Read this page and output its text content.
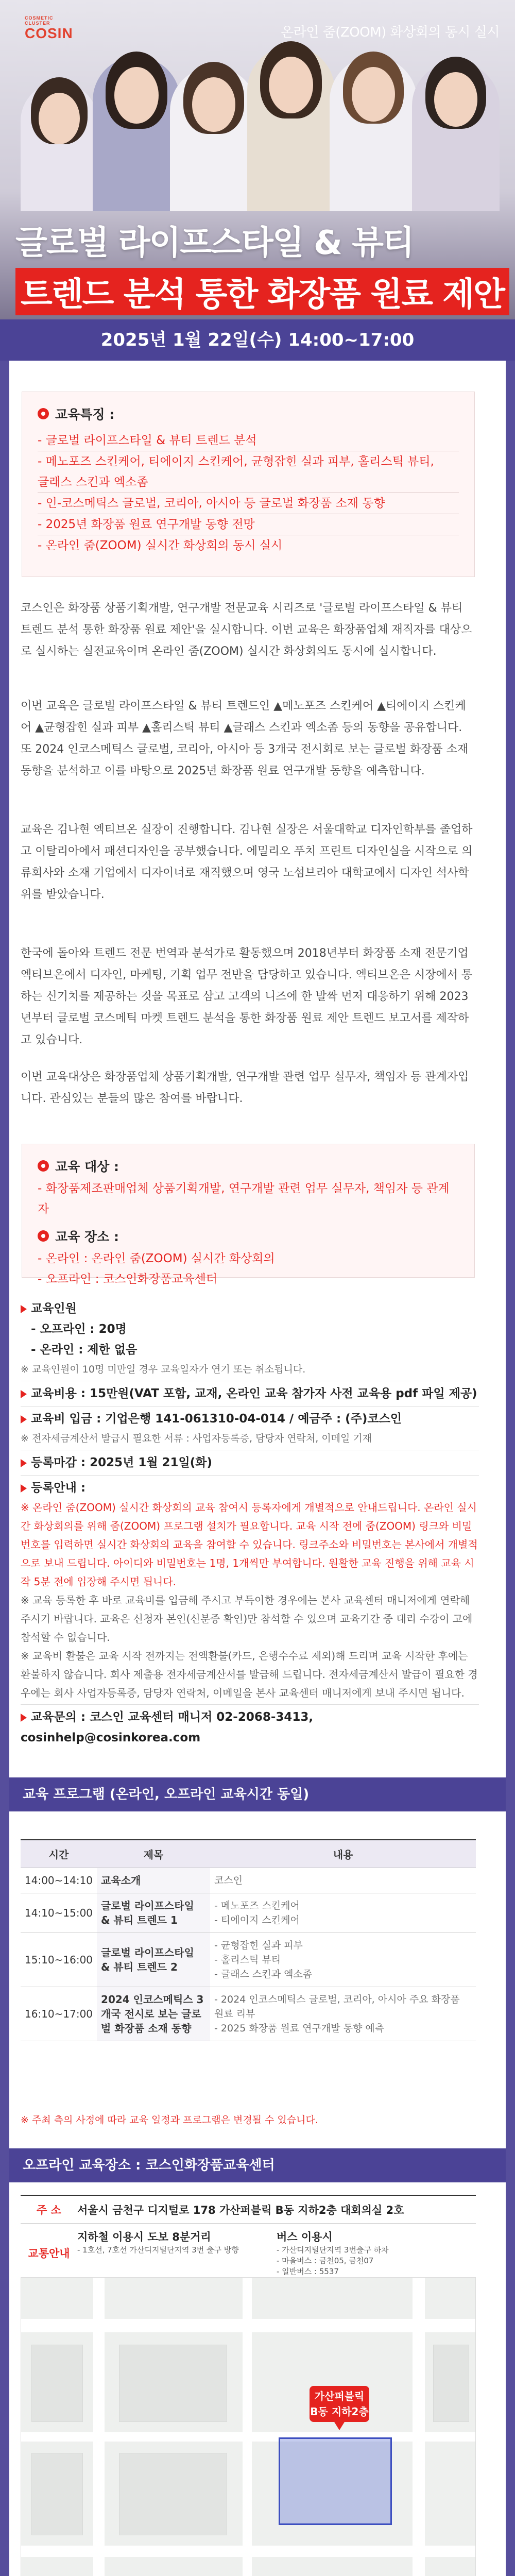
COSMETIC CLUSTER
COSIN	온라인 줌(ZOOM) 화상회의 동시 실시
글로벌 라이프스타일 & 뷰티
트렌드 분석 통한 화장품 원료 제안
2025년 1월 22일(수) 14:00~17:00
교육특징 :
- 글로벌 라이프스타일 & 뷰티 트렌드 분석
- 메노포즈 스킨케어, 티에이지 스킨케어, 균형잡힌 실과 피부, 홀리스틱 뷰티,
글래스 스킨과 엑소좀
- 인-코스메틱스 글로벌, 코리아, 아시아 등 글로벌 화장품 소재 동향
- 2025년 화장품 원료 연구개발 동향 전망
- 온라인 줌(ZOOM) 실시간 화상회의 동시 실시

코스인은 화장품 상품기획개발, 연구개발 전문교육 시리즈로 '글로벌 라이프스타일 & 뷰티 트렌드 분석 통한 화장품 원료 제안'을 실시합니다. 이번 교육은 화장품업체 재직자를 대상으로 실시하는 실전교육이며 온라인 줌(ZOOM) 실시간 화상회의도 동시에 실시합니다.

이번 교육은 글로벌 라이프스타일 & 뷰티 트렌드인 ▲메노포즈 스킨케어 ▲티에이지 스킨케어 ▲균형잡힌 실과 피부 ▲홀리스틱 뷰티 ▲글래스 스킨과 엑소좀 등의 동향을 공유합니다. 또 2024 인코스메틱스 글로벌, 코리아, 아시아 등 3개국 전시회로 보는 글로벌 화장품 소재 동향을 분석하고 이를 바탕으로 2025년 화장품 원료 연구개발 동향을 예측합니다.

교육은 김나현 엑티브온 실장이 진행합니다. 김나현 실장은 서울대학교 디자인학부를 졸업하고 이탈리아에서 패션디자인을 공부했습니다. 에밀리오 푸치 프린트 디자인실을 시작으로 의류회사와 소재 기업에서 디자이너로 재직했으며 영국 노섬브리아 대학교에서 디자인 석사학위를 받았습니다.

한국에 돌아와 트렌드 전문 번역과 분석가로 활동했으며 2018년부터 화장품 소재 전문기업 엑티브온에서 디자인, 마케팅, 기획 업무 전반을 담당하고 있습니다. 엑티브온은 시장에서 통하는 신기치를 제공하는 것을 목표로 삼고 고객의 니즈에 한 발짝 먼저 대응하기 위해 2023년부터 글로벌 코스메틱 마켓 트렌드 분석을 통한 화장품 원료 제안 트렌드 보고서를 제작하고 있습니다.

이번 교육대상은 화장품업체 상품기획개발, 연구개발 관련 업무 실무자, 책임자 등 관계자입니다. 관심있는 분들의 많은 참여를 바랍니다.

교육 대상 :
- 화장품제조판매업체 상품기획개발, 연구개발 관련 업무 실무자, 책임자 등 관계자
교육 장소 :
- 온라인 : 온라인 줌(ZOOM) 실시간 화상회의
- 오프라인 : 코스인화장품교육센터
교육인원
- 오프라인 : 20명
- 온라인 : 제한 없음
※ 교육인원이 10명 미만일 경우 교육일자가 연기 또는 취소됩니다.
교육비용 : 15만원(VAT 포함, 교재, 온라인 교육 참가자 사전 교육용 pdf 파일 제공)
교육비 입금 : 기업은행 141-061310-04-014 / 예금주 : (주)코스인
※ 전자세금계산서 발급시 필요한 서류 : 사업자등록증, 담당자 연락처, 이메일 기재
등록마감 : 2025년 1월 21일(화)
등록안내 :
※ 온라인 줌(ZOOM) 실시간 화상회의 교육 참여시 등록자에게 개별적으로 안내드립니다. 온라인 실시간 화상회의를 위해 줌(ZOOM) 프로그램 설치가 필요합니다. 교육 시작 전에 줌(ZOOM) 링크와 비밀번호를 입력하면 실시간 화상회의 교육을 참여할 수 있습니다. 링크주소와 비밀번호는 본사에서 개별적으로 보내 드립니다. 아이디와 비밀번호는 1명, 1개씩만 부여합니다. 원활한 교육 진행을 위해 교육 시작 5분 전에 입장해 주시면 됩니다.
※ 교육 등록한 후 바로 교육비를 입금해 주시고 부득이한 경우에는 본사 교육센터 매니저에게 연락해 주시기 바랍니다. 교육은 신청자 본인(신분증 확인)만 참석할 수 있으며 교육기간 중 대리 수강이 고에 참석할 수 없습니다.
※ 교육비 환불은 교육 시작 전까지는 전액환불(카드, 은행수수료 제외)해 드리며 교육 시작한 후에는 환불하지 않습니다. 회사 제출용 전자세금계산서를 발급해 드립니다. 전자세금계산서 발급이 필요한 경우에는 회사 사업자등록증, 담당자 연락처, 이메일을 본사 교육센터 매니저에게 보내 주시면 됩니다.
교육문의 : 코스인 교육센터 매니저 02-2068-3413, cosinhelp@cosinkorea.com
교육 프로그램 (온라인, 오프라인 교육시간 동일)
시간	제목	내용
14:00~14:10	교육소개	코스인
14:10~15:00	글로벌 라이프스타일 & 뷰티 트렌드 1	- 메노포즈 스킨케어
- 티에이지 스킨케어
15:10~16:00	글로벌 라이프스타일 & 뷰티 트렌드 2	- 균형잡힌 실과 피부
- 홀리스틱 뷰티
- 글래스 스킨과 엑소좀
16:10~17:00	2024 인코스메틱스 3개국 전시로 보는 글로벌 화장품 소재 동향	- 2024 인코스메틱스 글로벌, 코리아, 아시아 주요 화장품 원료 리뷰
- 2025 화장품 원료 연구개발 동향 예측
※ 주최 측의 사정에 따라 교육 일정과 프로그램은 변경될 수 있습니다.
오프라인 교육장소 : 코스인화장품교육센터
주 소	서울시 금천구 디지털로 178 가산퍼블릭 B동 지하2층 대회의실 2호
교통안내
지하철 이용시 도보 8분거리
- 1호선, 7호선 가산디지털단지역 3번 출구 방향
버스 이용시
- 가산디지털단지역 3번출구 하차
- 마을버스 : 금천05, 금천07
- 일반버스 : 5537
가산퍼블릭
B동 지하2층
